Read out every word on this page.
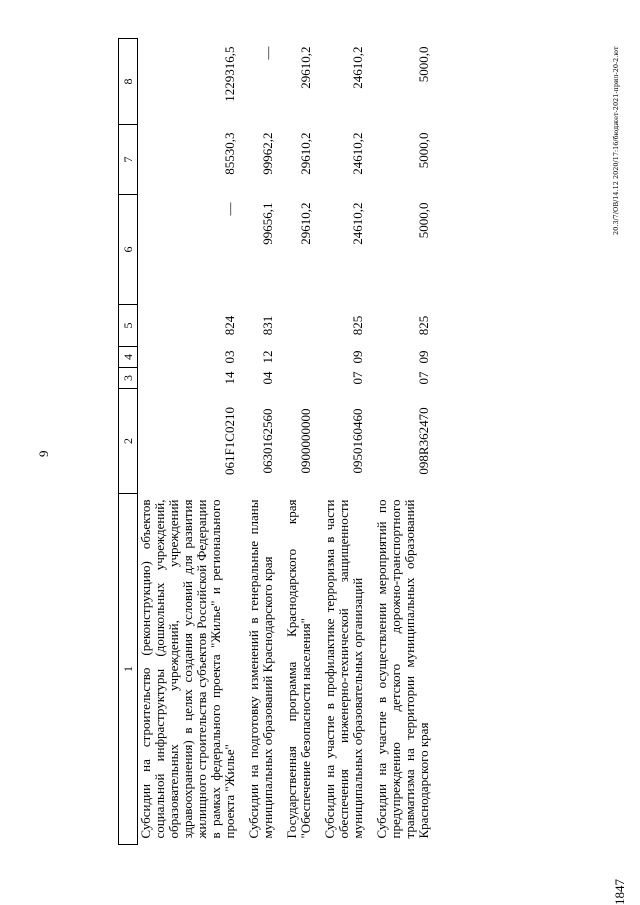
9
1	2	3	4	5	6	7	8
Субсидии на строительство (реконструкцию) объектов социальной инфраструктуры (дошкольных учреждений, образовательных учреждений, учреждений здравоохранения) в целях создания условий для развития жилищного строительства субъектов Российской Федерации в рамках федерального проекта "Жилье" и регионального проекта "Жилье"	061F1C0210	14	03	824	—	85530,3	1229316,5
Субсидии на подготовку изменений в генеральные планы муниципальных образований Краснодарского края	0630162560	04	12	831	99656,1	99962,2	—
Государственная программа Краснодарского края "Обеспечение безопасности населения"	0900000000				29610,2	29610,2	29610,2
Субсидии на участие в профилактике терроризма в части обеспечения инженерно-технической защищенности муниципальных образовательных организаций	0950160460	07	09	825	24610,2	24610,2	24610,2
Субсидии на участие в осуществлении мероприятий по предупреждению детского дорожно-транспортного травматизма на территории муниципальных образований Краснодарского края	098R362470	07	09	825	5000,0	5000,0	5000,0
1847
20.3/7/OB/14.12 2020/17:16/бюджет-2021-прил-20-2.ют
